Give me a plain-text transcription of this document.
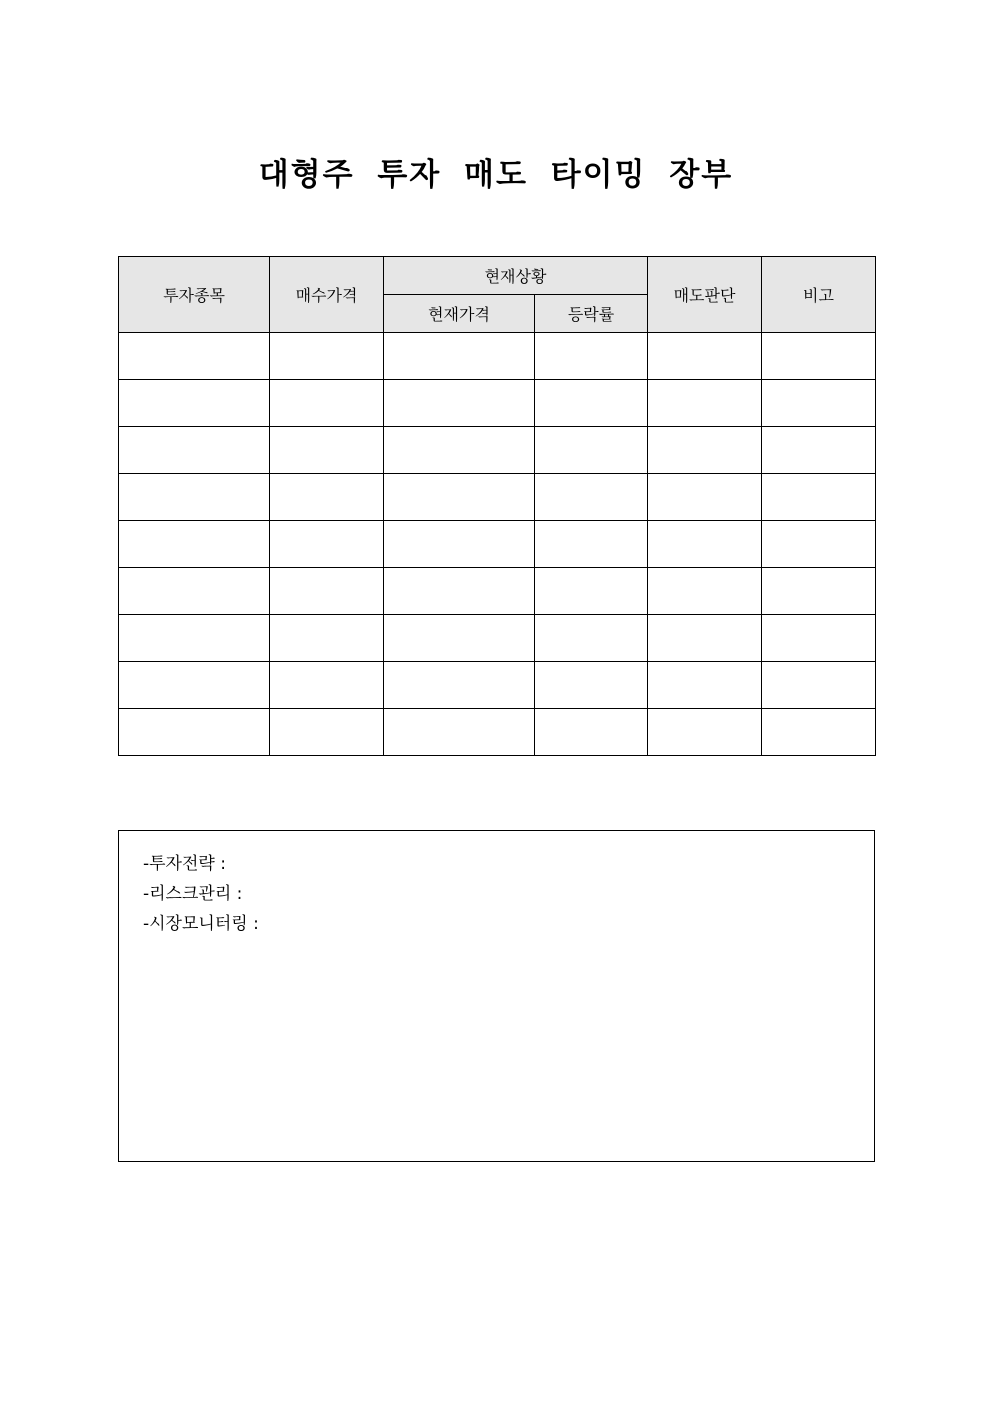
대형주 투자 매도 타이밍 장부
투자종목	매수가격	현재상황		매도판단	비고
		현재가격	등락률		

-투자전략 :
-리스크관리 :
-시장모니터링 :
